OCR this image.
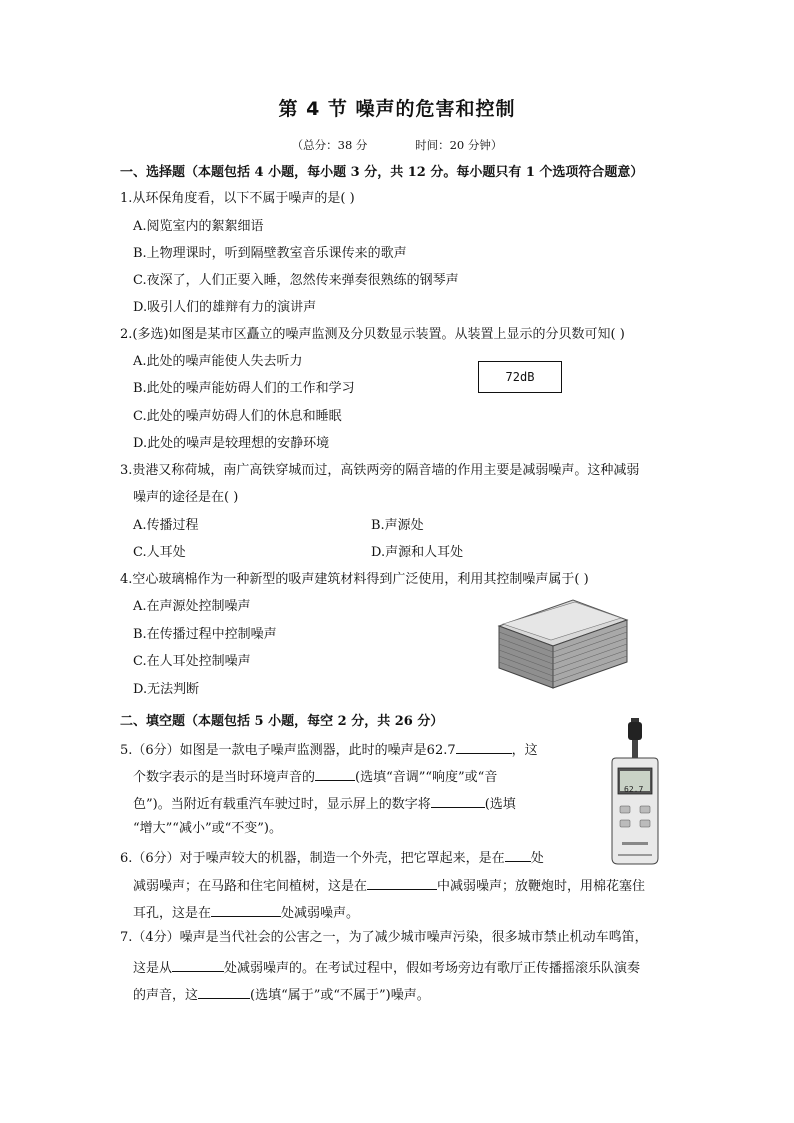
第 4 节 噪声的危害和控制
（总分：38 分	时间：20 分钟）
一、选择题（本题包括 4 小题，每小题 3 分，共 12 分。每小题只有 1 个选项符合题意）
1.从环保角度看，以下不属于噪声的是( )
A.阅览室内的絮絮细语
B.上物理课时，听到隔壁教室音乐课传来的歌声
C.夜深了，人们正要入睡，忽然传来弹奏很熟练的钢琴声
D.吸引人们的雄辩有力的演讲声
2.(多选)如图是某市区矗立的噪声监测及分贝数显示装置。从装置上显示的分贝数可知( )
A.此处的噪声能使人失去听力
B.此处的噪声能妨碍人们的工作和学习
C.此处的噪声妨碍人们的休息和睡眠
D.此处的噪声是较理想的安静环境
72dB
3.贵港又称荷城，南广高铁穿城而过，高铁两旁的隔音墙的作用主要是减弱噪声。这种减弱
噪声的途径是在( )
A.传播过程	B.声源处
C.人耳处	D.声源和人耳处
4.空心玻璃棉作为一种新型的吸声建筑材料得到广泛使用，利用其控制噪声属于( )
A.在声源处控制噪声
B.在传播过程中控制噪声
C.在人耳处控制噪声
D.无法判断
二、填空题（本题包括 5 小题，每空 2 分，共 26 分）
5.（6分）如图是一款电子噪声监测器，此时的噪声是62.7	，这
个数字表示的是当时环境声音的	(选填“音调”“响度”或“音
色”)。当附近有载重汽车驶过时，显示屏上的数字将	(选填
“增大”“减小”或“不变”)。
62.7
6.（6分）对于噪声较大的机器，制造一个外壳，把它罩起来，是在 处
减弱噪声；在马路和住宅间植树，这是在	中减弱噪声；放鞭炮时，用棉花塞住
耳孔，这是在	处减弱噪声。
7.（4分）噪声是当代社会的公害之一，为了减少城市噪声污染，很多城市禁止机动车鸣笛，
这是从	处减弱噪声的。在考试过程中，假如考场旁边有歌厅正传播摇滚乐队演奏
的声音，这	(选填“属于”或“不属于”)噪声。
